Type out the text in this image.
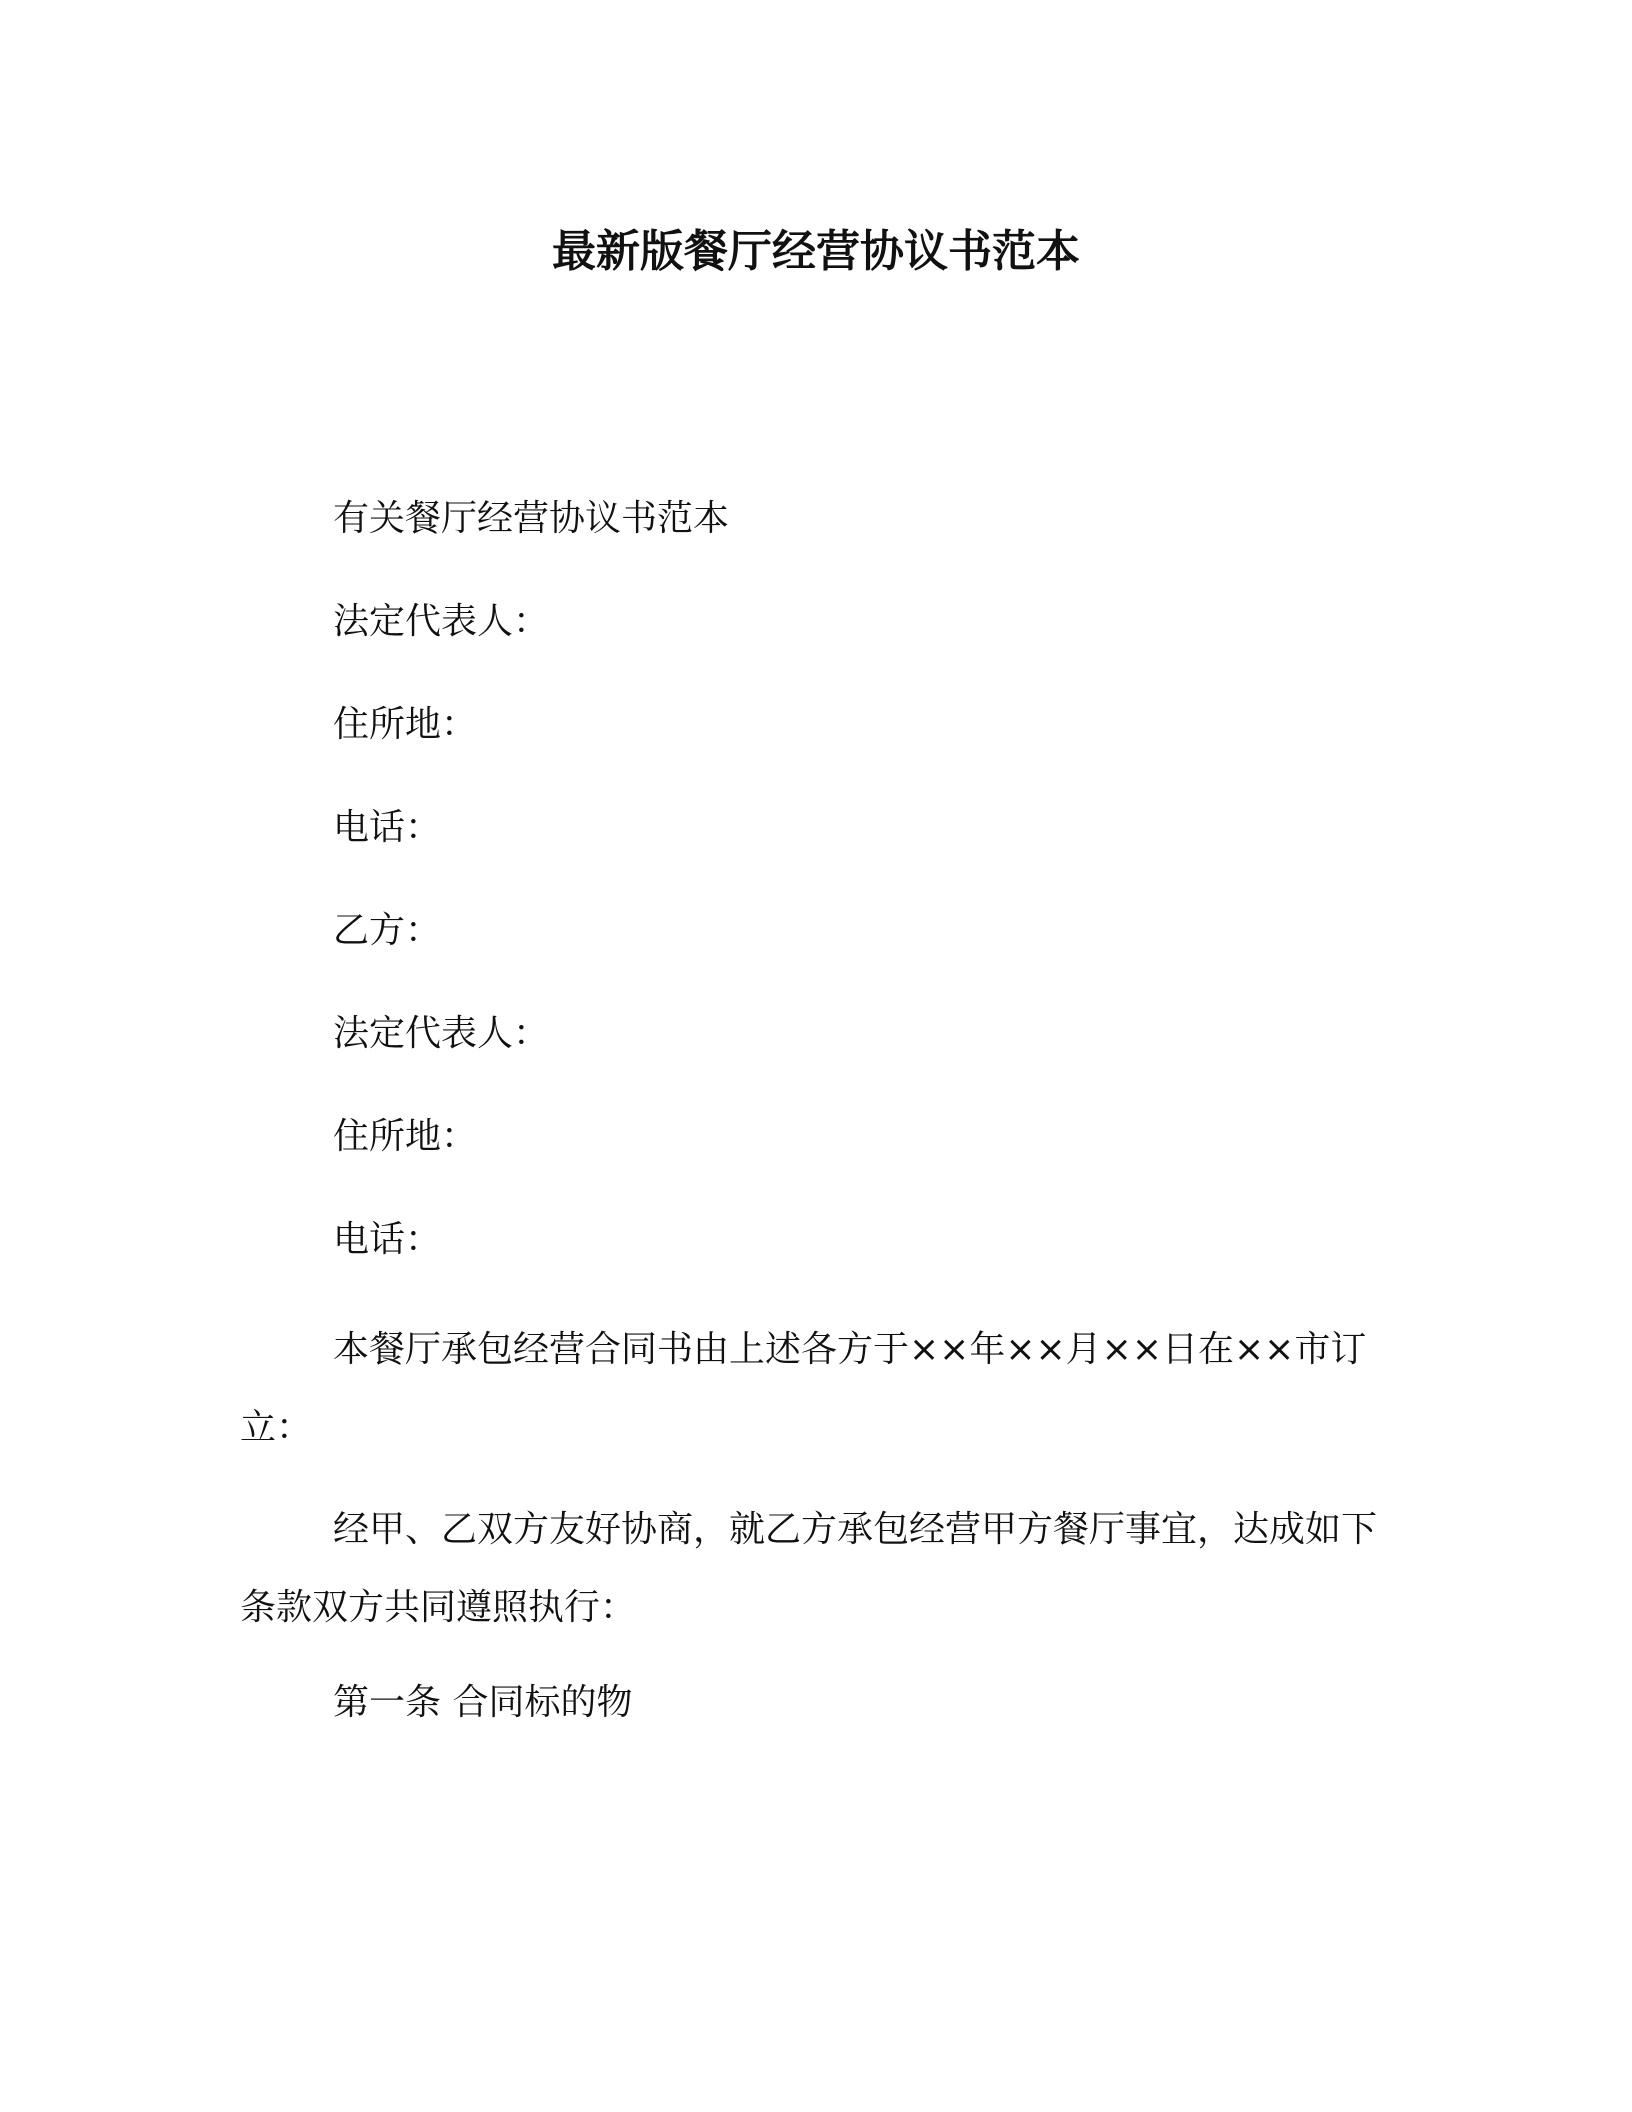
最新版餐厅经营协议书范本
有关餐厅经营协议书范本
法定代表人：
住所地：
电话：
乙方：
法定代表人：
住所地：
电话：
本餐厅承包经营合同书由上述各方于××年××月××日在××市订立：
经甲、乙双方友好协商，就乙方承包经营甲方餐厅事宜，达成如下条款双方共同遵照执行：
第一条 合同标的物
